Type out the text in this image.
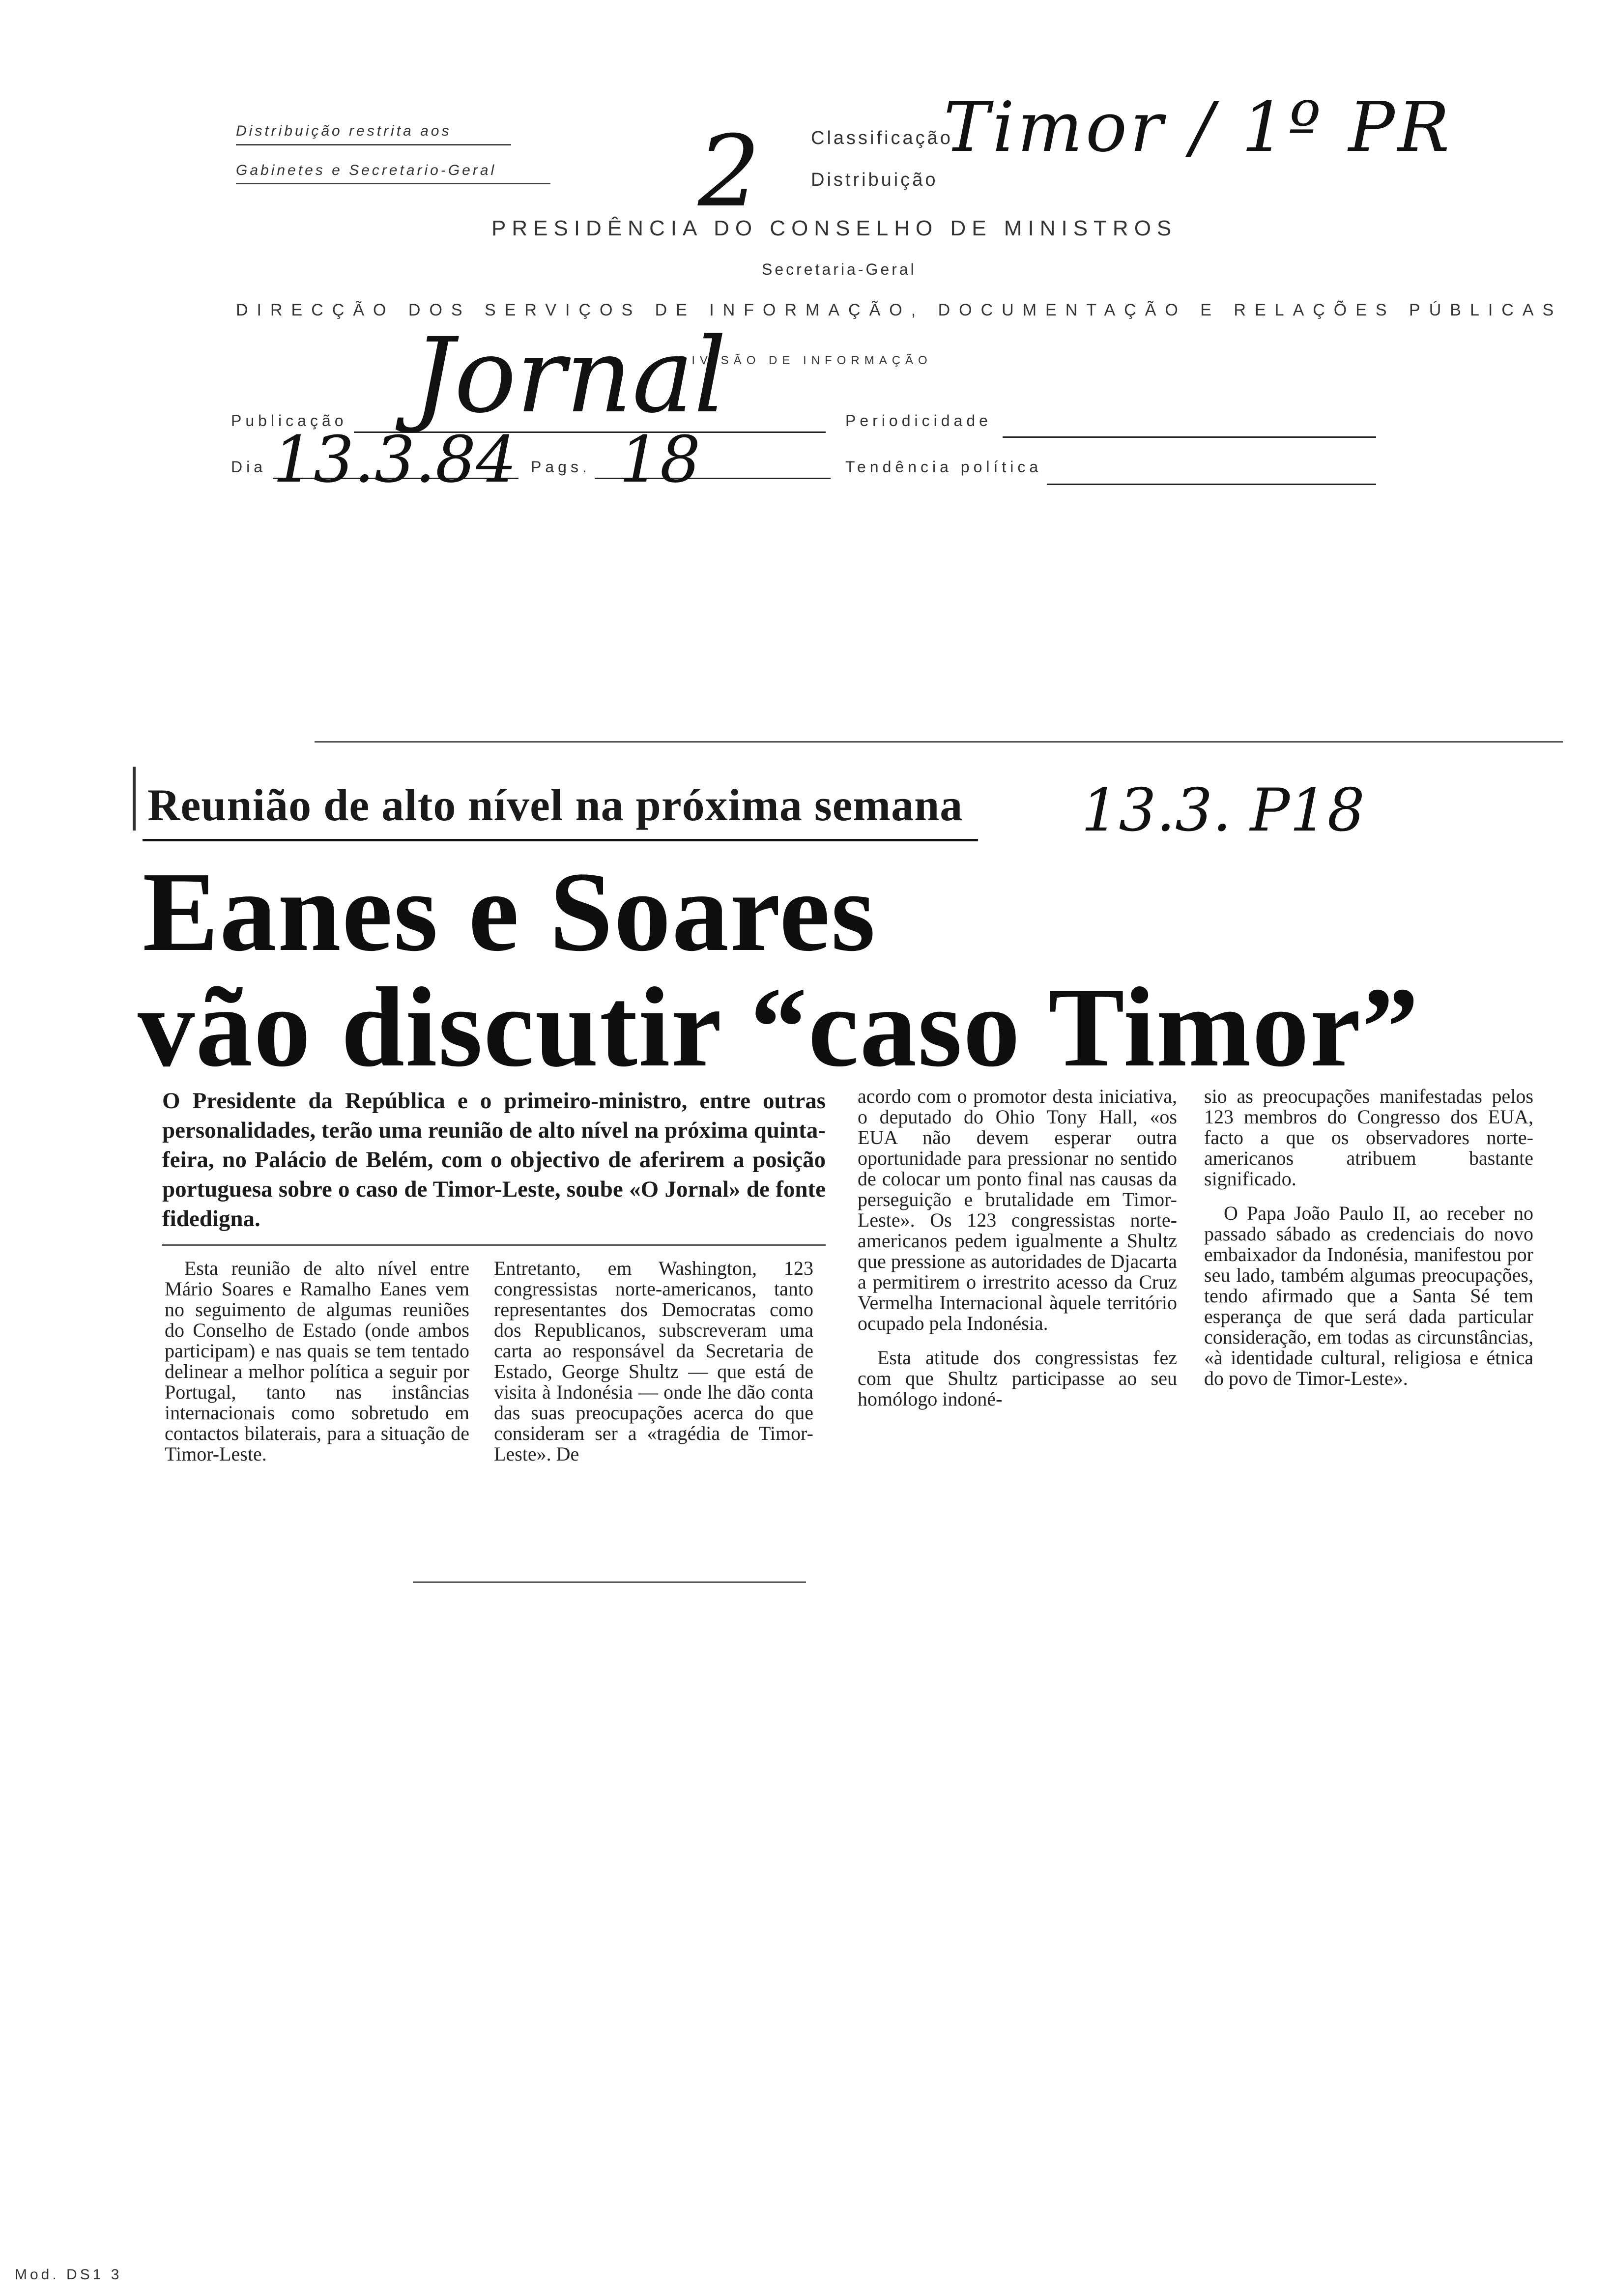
Distribuição restrita aos
Gabinetes e Secretario-Geral 2	Classificação
Distribuição
Timor / 1º PR
PRESIDÊNCIA DO CONSELHO DE MINISTROS
Secretaria-Geral
DIRECÇÃO DOS SERVIÇOS DE INFORMAÇÃO, DOCUMENTAÇÃO E RELAÇÕES PÚBLICAS
DIVISÃO DE INFORMAÇÃO
Publicação Jornal	Periodicidade
Dia 13.3.84 Pags. 18	Tendência política
Reunião de alto nível na próxima semana 13.3. P18
Eanes e Soares
vão discutir “caso Timor”
O Presidente da República e o primeiro-ministro, entre outras personalidades, terão uma reunião de alto nível na próxima quinta-feira, no Palácio de Belém, com o objectivo de aferirem a posição portuguesa sobre o caso de Timor-Leste, soube «O Jornal» de fonte fidedigna.

Esta reunião de alto nível entre Mário Soares e Ramalho Eanes vem no seguimento de algumas reuniões do Conselho de Estado (onde ambos participam) e nas quais se tem tentado delinear a melhor política a seguir por Portugal, tanto nas instâncias internacionais como sobretudo em contactos bilaterais, para a situação de Timor-Leste.

Entretanto, em Washington, 123 congressistas norte-americanos, tanto representantes dos Democratas como dos Republicanos, subscreveram uma carta ao responsável da Secretaria de Estado, George Shultz — que está de visita à Indonésia — onde lhe dão conta das suas preocupações acerca do que consideram ser a «tragédia de Timor-Leste». De

acordo com o promotor desta iniciativa, o deputado do Ohio Tony Hall, «os EUA não devem esperar outra oportunidade para pressionar no sentido de colocar um ponto final nas causas da perseguição e brutalidade em Timor-Leste». Os 123 congressistas norte-americanos pedem igualmente a Shultz que pressione as autoridades de Djacarta a permitirem o irrestrito acesso da Cruz Vermelha Internacional àquele território ocupado pela Indonésia.

Esta atitude dos congressistas fez com que Shultz participasse ao seu homólogo indoné-

sio as preocupações manifestadas pelos 123 membros do Congresso dos EUA, facto a que os observadores norte-americanos atribuem bastante significado.

O Papa João Paulo II, ao receber no passado sábado as credenciais do novo embaixador da Indonésia, manifestou por seu lado, também algumas preocupações, tendo afirmado que a Santa Sé tem esperança de que será dada particular consideração, em todas as circunstâncias, «à identidade cultural, religiosa e étnica do povo de Timor-Leste».

Mod. DS1 3
